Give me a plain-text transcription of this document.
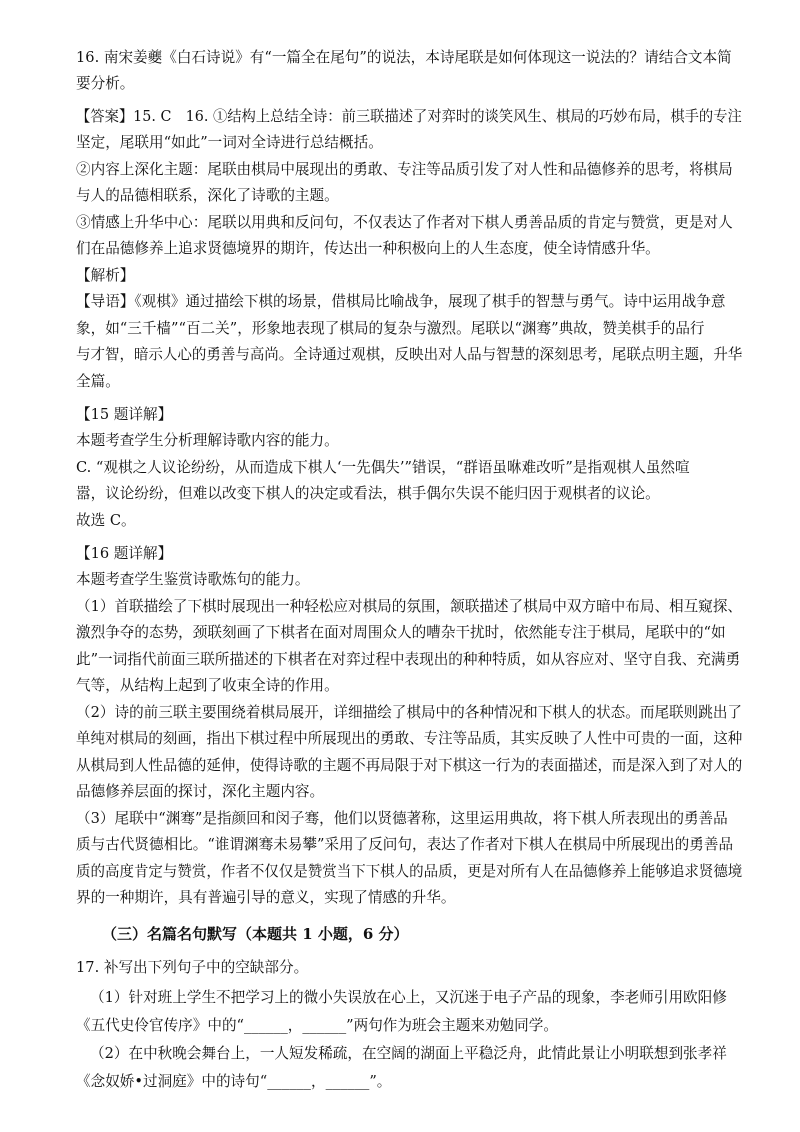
16. 南宋姜夔《白石诗说》有“一篇全在尾句”的说法，本诗尾联是如何体现这一说法的？请结合文本简
要分析。
【答案】15. C　16. ①结构上总结全诗：前三联描述了对弈时的谈笑风生、棋局的巧妙布局，棋手的专注
坚定，尾联用“如此”一词对全诗进行总结概括。
②内容上深化主题：尾联由棋局中展现出的勇敢、专注等品质引发了对人性和品德修养的思考，将棋局
与人的品德相联系，深化了诗歌的主题。
③情感上升华中心：尾联以用典和反问句，不仅表达了作者对下棋人勇善品质的肯定与赞赏，更是对人
们在品德修养上追求贤德境界的期许，传达出一种积极向上的人生态度，使全诗情感升华。
【解析】
【导语】《观棋》通过描绘下棋的场景，借棋局比喻战争，展现了棋手的智慧与勇气。诗中运用战争意
象，如“三千樯”“百二关”，形象地表现了棋局的复杂与激烈。尾联以“渊骞”典故，赞美棋手的品行
与才智，暗示人心的勇善与高尚。全诗通过观棋，反映出对人品与智慧的深刻思考，尾联点明主题，升华
全篇。
【15 题详解】
本题考查学生分析理解诗歌内容的能力。
C. “观棋之人议论纷纷，从而造成下棋人‘一先偶失’”错误，“群语虽咻难改听”是指观棋人虽然喧
嚣，议论纷纷，但难以改变下棋人的决定或看法，棋手偶尔失误不能归因于观棋者的议论。
故选 C。
【16 题详解】
本题考查学生鉴赏诗歌炼句的能力。
（1）首联描绘了下棋时展现出一种轻松应对棋局的氛围，颔联描述了棋局中双方暗中布局、相互窥探、
激烈争夺的态势，颈联刻画了下棋者在面对周围众人的嘈杂干扰时，依然能专注于棋局，尾联中的“如
此”一词指代前面三联所描述的下棋者在对弈过程中表现出的种种特质，如从容应对、坚守自我、充满勇
气等，从结构上起到了收束全诗的作用。
（2）诗的前三联主要围绕着棋局展开，详细描绘了棋局中的各种情况和下棋人的状态。而尾联则跳出了
单纯对棋局的刻画，指出下棋过程中所展现出的勇敢、专注等品质，其实反映了人性中可贵的一面，这种
从棋局到人性品德的延伸，使得诗歌的主题不再局限于对下棋这一行为的表面描述，而是深入到了对人的
品德修养层面的探讨，深化主题内容。
（3）尾联中“渊骞”是指颜回和闵子骞，他们以贤德著称，这里运用典故，将下棋人所表现出的勇善品
质与古代贤德相比。“谁谓渊骞未易攀”采用了反问句，表达了作者对下棋人在棋局中所展现出的勇善品
质的高度肯定与赞赏，作者不仅仅是赞赏当下下棋人的品质，更是对所有人在品德修养上能够追求贤德境
界的一种期许，具有普遍引导的意义，实现了情感的升华。
（三）名篇名句默写（本题共 1 小题，6 分）
17. 补写出下列句子中的空缺部分。
（1）针对班上学生不把学习上的微小失误放在心上，又沉迷于电子产品的现象，李老师引用欧阳修
《五代史伶官传序》中的“______，______”两句作为班会主题来劝勉同学。
（2）在中秋晚会舞台上，一人短发稀疏，在空阔的湖面上平稳泛舟，此情此景让小明联想到张孝祥
《念奴娇•过洞庭》中的诗句“______，______”。
